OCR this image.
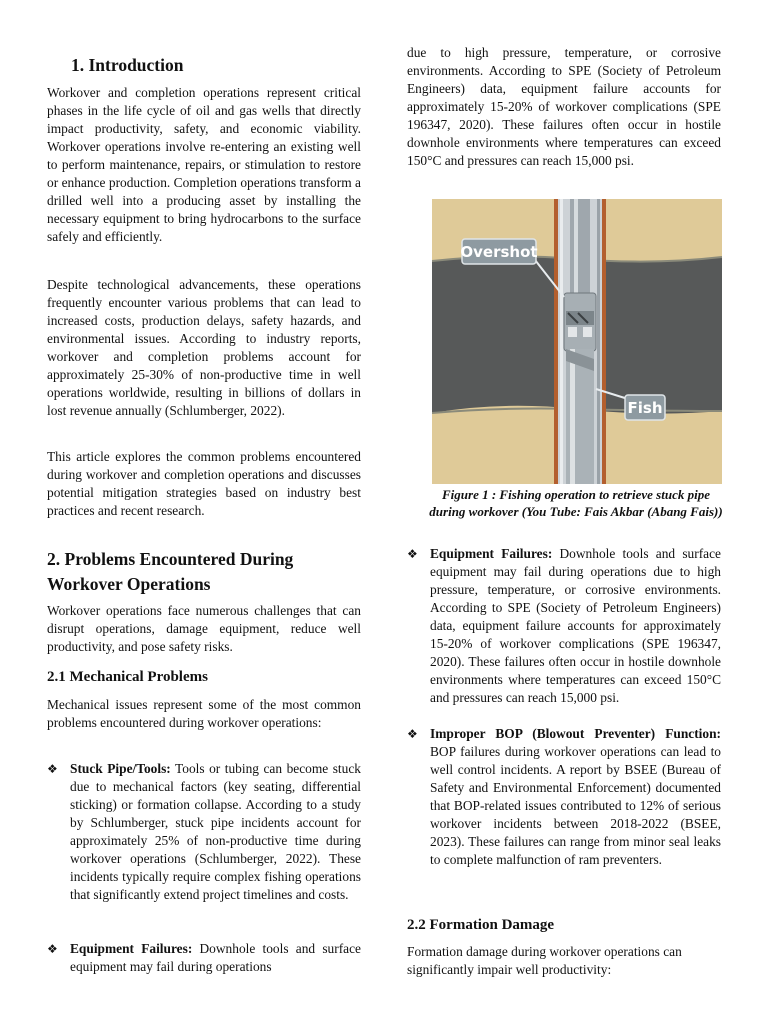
1. Introduction

Workover and completion operations represent critical phases in the life cycle of oil and gas wells that directly impact productivity, safety, and economic viability. Workover operations involve re-entering an existing well to perform maintenance, repairs, or stimulation to restore or enhance production. Completion operations transform a drilled well into a producing asset by installing the necessary equipment to bring hydrocarbons to the surface safely and efficiently.

Despite technological advancements, these operations frequently encounter various problems that can lead to increased costs, production delays, safety hazards, and environmental issues. According to industry reports, workover and completion problems account for approximately 25-30% of non-productive time in well operations worldwide, resulting in billions of dollars in lost revenue annually (Schlumberger, 2022).

This article explores the common problems encountered during workover and completion operations and discusses potential mitigation strategies based on industry best practices and recent research.

2. Problems Encountered During Workover Operations

Workover operations face numerous challenges that can disrupt operations, damage equipment, reduce well productivity, and pose safety risks.

2.1 Mechanical Problems

Mechanical issues represent some of the most common problems encountered during workover operations:

❖ Stuck Pipe/Tools: Tools or tubing can become stuck due to mechanical factors (key seating, differential sticking) or formation collapse. According to a study by Schlumberger, stuck pipe incidents account for approximately 25% of non-productive time during workover operations (Schlumberger, 2022). These incidents typically require complex fishing operations that significantly extend project timelines and costs.
❖ Equipment Failures: Downhole tools and surface equipment may fail during operations

due to high pressure, temperature, or corrosive environments. According to SPE (Society of Petroleum Engineers) data, equipment failure accounts for approximately 15-20% of workover complications (SPE 196347, 2020). These failures often occur in hostile downhole environments where temperatures can exceed 150°C and pressures can reach 15,000 psi.

Overshot
Fish

Figure 1 : Fishing operation to retrieve stuck pipe during workover (You Tube: Fais Akbar (Abang Fais))

❖ Equipment Failures: Downhole tools and surface equipment may fail during operations due to high pressure, temperature, or corrosive environments. According to SPE (Society of Petroleum Engineers) data, equipment failure accounts for approximately 15-20% of workover complications (SPE 196347, 2020). These failures often occur in hostile downhole environments where temperatures can exceed 150°C and pressures can reach 15,000 psi.
❖ Improper BOP (Blowout Preventer) Function: BOP failures during workover operations can lead to well control incidents. A report by BSEE (Bureau of Safety and Environmental Enforcement) documented that BOP-related issues contributed to 12% of serious workover incidents between 2018-2022 (BSEE, 2023). These failures can range from minor seal leaks to complete malfunction of ram preventers.
2.2 Formation Damage

Formation damage during workover operations can significantly impair well productivity:
